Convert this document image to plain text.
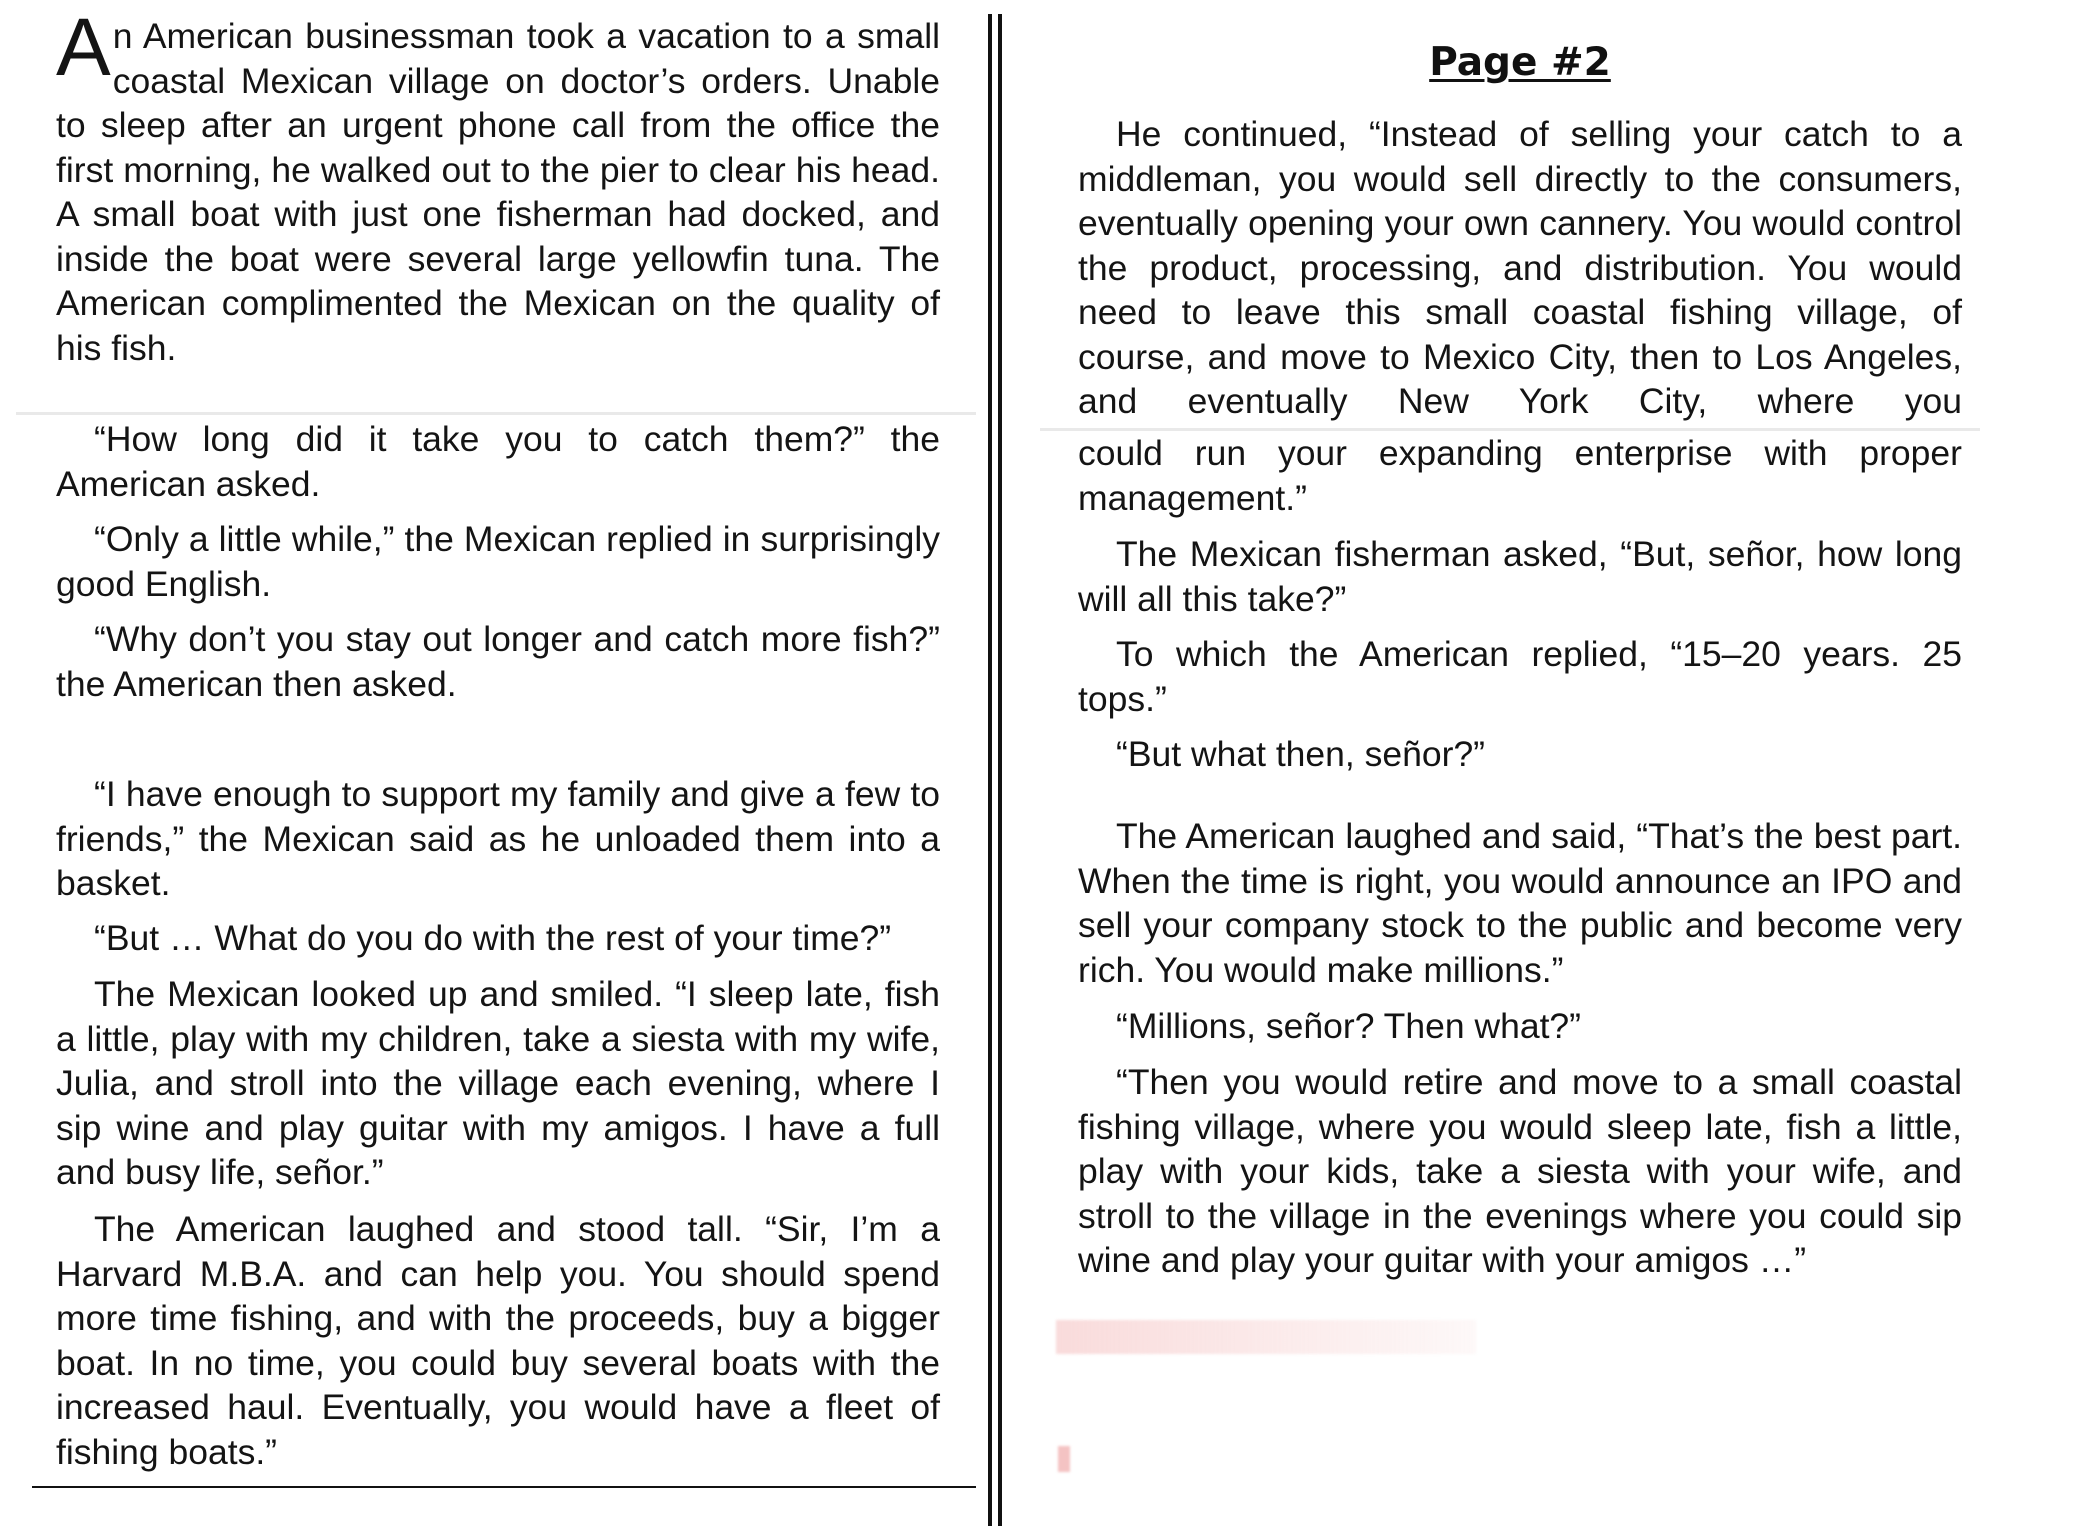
An American businessman took a vacation to a small coastal Mexican village on doctor’s orders. Unable to sleep after an urgent phone call from the office the first morning, he walked out to the pier to clear his head. A small boat with just one fisherman had docked, and inside the boat were several large yellowfin tuna. The American complimented the Mexican on the quality of his fish.

“How long did it take you to catch them?” the American asked.

“Only a little while,” the Mexican replied in surprisingly good English.

“Why don’t you stay out longer and catch more fish?” the American then asked.

“I have enough to support my family and give a few to friends,” the Mexican said as he unloaded them into a basket.

“But … What do you do with the rest of your time?”

The Mexican looked up and smiled. “I sleep late, fish a little, play with my children, take a siesta with my wife, Julia, and stroll into the village each evening, where I sip wine and play guitar with my amigos. I have a full and busy life, señor.”

The American laughed and stood tall. “Sir, I’m a Harvard M.B.A. and can help you. You should spend more time fishing, and with the proceeds, buy a bigger boat. In no time, you could buy several boats with the increased haul. Eventually, you would have a fleet of fishing boats.”

Page #2

He continued, “Instead of selling your catch to a middleman, you would sell directly to the consumers, eventually opening your own cannery. You would control the product, processing, and distribution. You would need to leave this small coastal fishing village, of course, and move to Mexico City, then to Los Angeles, and eventually New York City, where you

could run your expanding enterprise with proper management.”

The Mexican fisherman asked, “But, señor, how long will all this take?”

To which the American replied, “15–20 years. 25 tops.”

“But what then, señor?”

The American laughed and said, “That’s the best part. When the time is right, you would announce an IPO and sell your company stock to the public and become very rich. You would make millions.”

“Millions, señor? Then what?”

“Then you would retire and move to a small coastal fishing village, where you would sleep late, fish a little, play with your kids, take a siesta with your wife, and stroll to the village in the evenings where you could sip wine and play your guitar with your amigos …”
